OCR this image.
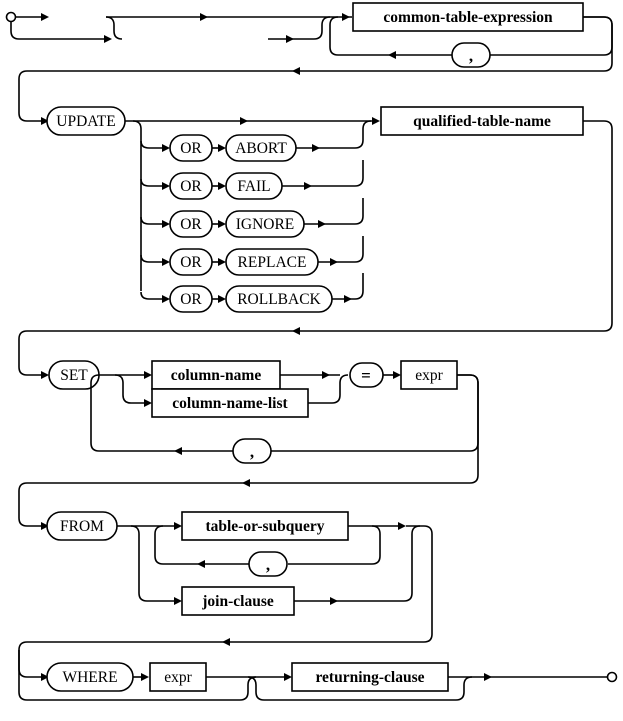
common-table-expression
,
UPDATE
OR ABORT
OR FAIL
OR IGNORE
OR REPLACE
OR ROLLBACK
qualified-table-name
SET	column-name
column-name-list
=	expr
,
FROM	table-or-subquery
,
join-clause
WHERE	expr	returning-clause
